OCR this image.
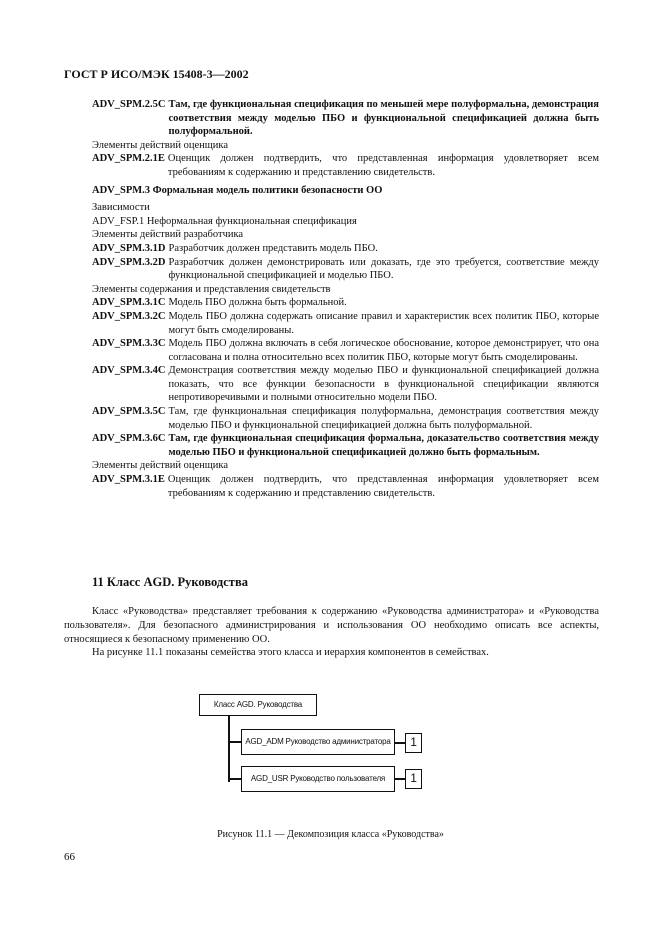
ГОСТ Р ИСО/МЭК 15408-3—2002
ADV_SPM.2.5C Там, где функциональная спецификация по меньшей мере полуформальна, демонстрация соответствия между моделью ПБО и функциональной спецификацией должна быть полуформальной.

Элементы действий оценщика

ADV_SPM.2.1E Оценщик должен подтвердить, что представленная информация удовлетворяет всем требованиям к содержанию и представлению свидетельств.

ADV_SPM.3 Формальная модель политики безопасности ОО

Зависимости

ADV_FSP.1 Неформальная функциональная спецификация

Элементы действий разработчика

ADV_SPM.3.1D Разработчик должен представить модель ПБО.
ADV_SPM.3.2D Разработчик должен демонстрировать или доказать, где это требуется, соответствие между функциональной спецификацией и моделью ПБО.

Элементы содержания и представления свидетельств

ADV_SPM.3.1C Модель ПБО должна быть формальной.
ADV_SPM.3.2C Модель ПБО должна содержать описание правил и характеристик всех политик ПБО, которые могут быть смоделированы.
ADV_SPM.3.3C Модель ПБО должна включать в себя логическое обоснование, которое демонстрирует, что она согласована и полна относительно всех политик ПБО, которые могут быть смоделированы.
ADV_SPM.3.4C Демонстрация соответствия между моделью ПБО и функциональной спецификацией должна показать, что все функции безопасности в функциональной спецификации являются непротиворечивыми и полными относительно модели ПБО.
ADV_SPM.3.5C Там, где функциональная спецификация полуформальна, демонстрация соответствия между моделью ПБО и функциональной спецификацией должна быть полуформальной.
ADV_SPM.3.6C Там, где функциональная спецификация формальна, доказательство соответствия между моделью ПБО и функциональной спецификацией должно быть формальным.

Элементы действий оценщика

ADV_SPM.3.1E Оценщик должен подтвердить, что представленная информация удовлетворяет всем требованиям к содержанию и представлению свидетельств.
11 Класс AGD. Руководства
Класс «Руководства» представляет требования к содержанию «Руководства администратора» и «Руководства пользователя». Для безопасного администрирования и использования ОО необходимо описать все аспекты, относящиеся к безопасному применению ОО.
На рисунке 11.1 показаны семейства этого класса и иерархия компонентов в семействах.
Класс AGD. Руководства
AGD_ADM Руководство администратора
AGD_USR Руководство пользователя
1
1
Рисунок 11.1 — Декомпозиция класса «Руководства»
66
